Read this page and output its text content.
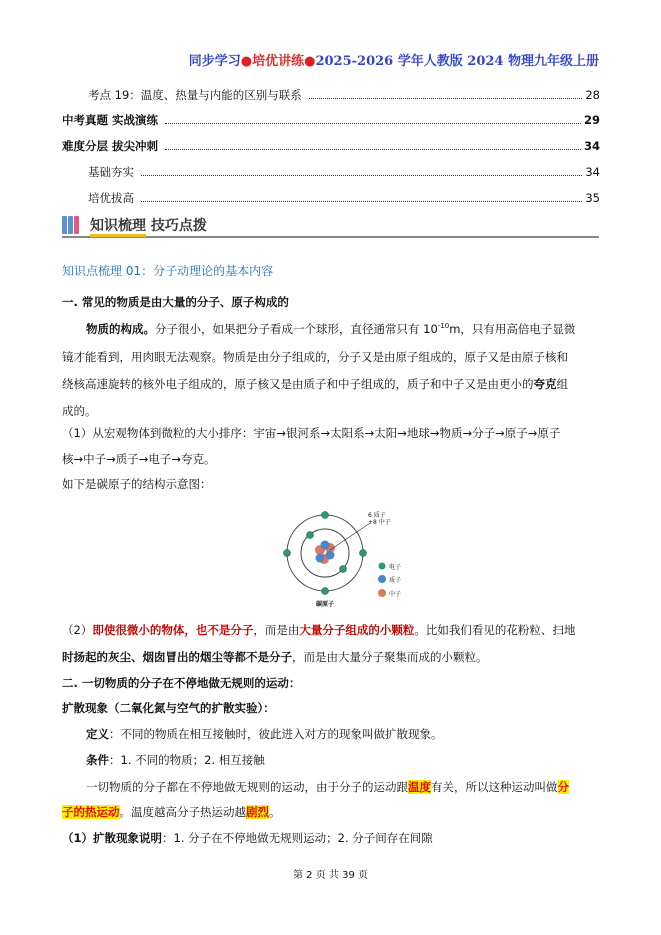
同步学习●培优讲练●2025-2026 学年人教版 2024 物理九年级上册
考点 19：温度、热量与内能的区别与联系	28
中考真题 实战演练	29
难度分层 拔尖冲刺	34
基础夯实	34
培优拔高	35
知识梳理 技巧点拨
知识点梳理 01：分子动理论的基本内容
一. 常见的物质是由大量的分子、原子构成的
物质的构成。分子很小，如果把分子看成一个球形，直径通常只有 $10^{-10}m$，只有用高倍电子显微
镜才能看到，用肉眼无法观察。物质是由分子组成的，分子又是由原子组成的，原子又是由原子核和
绕核高速旋转的核外电子组成的，原子核又是由质子和中子组成的，质子和中子又是由更小的夸克组
成的。
（1）从宏观物体到微粒的大小排序：宇宙→银河系→太阳系→太阳→地球→物质→分子→原子→原子
核→中子→质子→电子→夸克。
如下是碳原子的结构示意图：
6 质子
+8 中子
电子
质子
中子
碳原子
（2）即使很微小的物体，也不是分子，而是由大量分子组成的小颗粒。比如我们看见的花粉粒、扫地
时扬起的灰尘、烟囱冒出的烟尘等都不是分子，而是由大量分子聚集而成的小颗粒。
二. 一切物质的分子在不停地做无规则的运动：
扩散现象（二氧化氮与空气的扩散实验）：
定义：不同的物质在相互接触时，彼此进入对方的现象叫做扩散现象。
条件：1. 不同的物质；2. 相互接触
一切物质的分子都在不停地做无规则的运动，由于分子的运动跟温度有关，所以这种运动叫做分
子的热运动。温度越高分子热运动越剧烈。
（1）扩散现象说明：1. 分子在不停地做无规则运动；2. 分子间存在间隙
第 2 页 共 39 页
